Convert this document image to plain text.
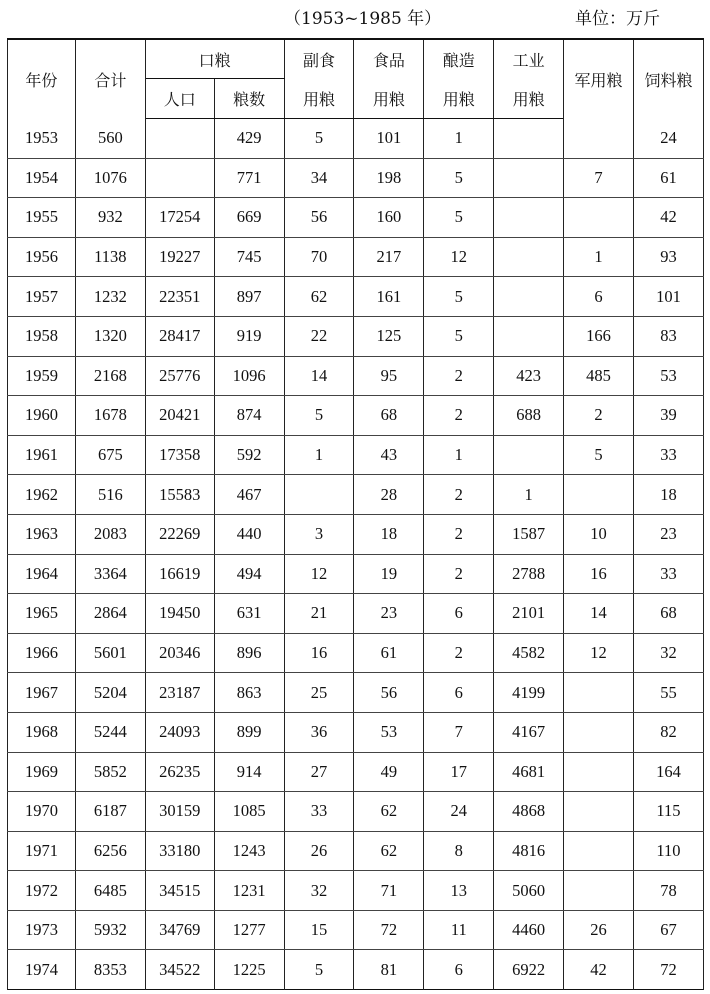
（1953~1985 年）	单位：万斤
年份	合计	口粮		副食	食品	酿造	工业	军用粮	饲料粮
		人口	粮数	用粮	用粮	用粮	用粮		
1953	560		429	5	101	1			24
1954	1076		771	34	198	5		7	61
1955	932	17254	669	56	160	5			42
1956	1138	19227	745	70	217	12		1	93
1957	1232	22351	897	62	161	5		6	101
1958	1320	28417	919	22	125	5		166	83
1959	2168	25776	1096	14	95	2	423	485	53
1960	1678	20421	874	5	68	2	688	2	39
1961	675	17358	592	1	43	1		5	33
1962	516	15583	467		28	2	1		18
1963	2083	22269	440	3	18	2	1587	10	23
1964	3364	16619	494	12	19	2	2788	16	33
1965	2864	19450	631	21	23	6	2101	14	68
1966	5601	20346	896	16	61	2	4582	12	32
1967	5204	23187	863	25	56	6	4199		55
1968	5244	24093	899	36	53	7	4167		82
1969	5852	26235	914	27	49	17	4681		164
1970	6187	30159	1085	33	62	24	4868		115
1971	6256	33180	1243	26	62	8	4816		110
1972	6485	34515	1231	32	71	13	5060		78
1973	5932	34769	1277	15	72	11	4460	26	67
1974	8353	34522	1225	5	81	6	6922	42	72
